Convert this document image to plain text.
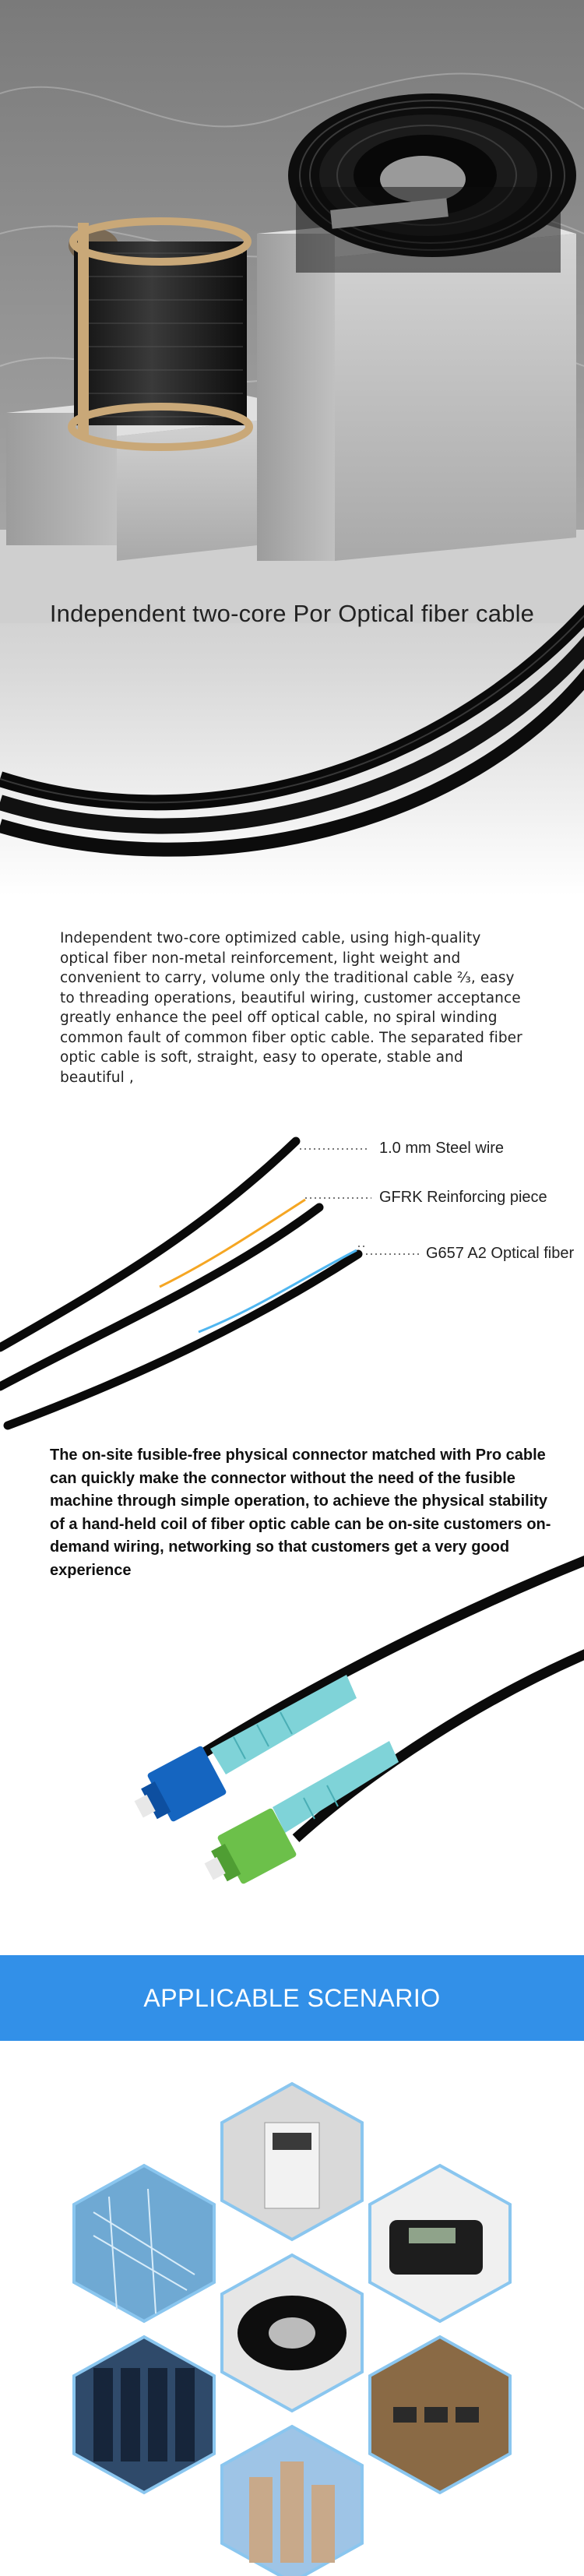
Independent two-core Por Optical fiber cable

Independent two-core optimized cable, using high-quality optical fiber non-metal reinforcement, light weight and convenient to carry, volume only the traditional cable ⅔, easy to threading operations, beautiful wiring, customer acceptance greatly enhance the peel off optical cable, no spiral winding common fault of common fiber optic cable. The separated fiber optic cable is soft, straight, easy to operate, stable and beautiful ,

1.0 mm Steel wire
GFRK Reinforcing piece
G657 A2 Optical fiber

The on-site fusible-free physical connector matched with Pro cable can quickly make the connector without the need of the fusible machine through simple operation, to achieve the physical stability of a hand-held coil of fiber optic cable can be on-site customers on-demand wiring, networking so that customers get a very good experience

APPLICABLE SCENARIO
